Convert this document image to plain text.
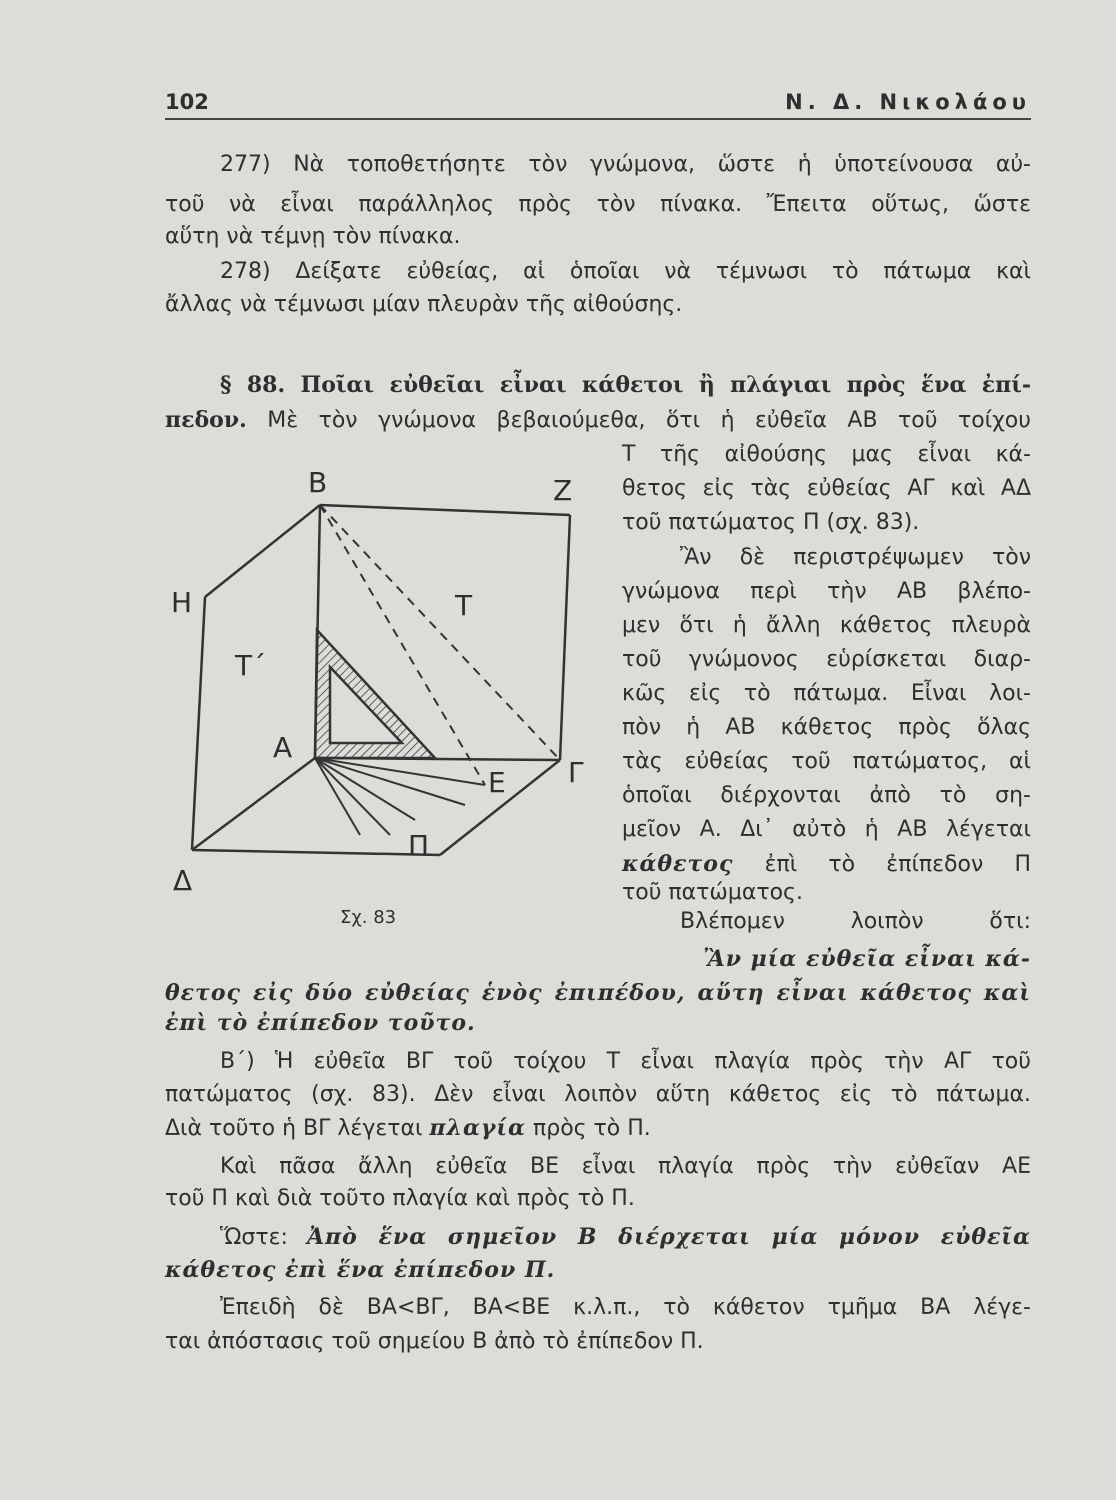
102	Ν. Δ. Νικολάου
277) Νὰ τοποθετήσητε τὸν γνώμονα, ὥστε ἡ ὑποτείνουσα αὐ-
τοῦ νὰ εἶναι παράλληλος πρὸς τὸν πίνακα. Ἔπειτα οὕτως, ὥστε
αὕτη νὰ τέμνῃ τὸν πίνακα.
278) Δείξατε εὐθείας, αἱ ὁποῖαι νὰ τέμνωσι τὸ πάτωμα καὶ
ἄλλας νὰ τέμνωσι μίαν πλευρὰν τῆς αἰθούσης.
§ 88. Ποῖαι εὐθεῖαι εἶναι κάθετοι ἢ πλάγιαι πρὸς ἕνα ἐπί-
πεδον. Μὲ τὸν γνώμονα βεβαιούμεθα, ὅτι ἡ εὐθεῖα ΑΒ τοῦ τοίχου
Τ τῆς αἰθούσης μας εἶναι κά-
θετος εἰς τὰς εὐθείας ΑΓ καὶ ΑΔ
τοῦ πατώματος Π (σχ. 83).
Ἂν δὲ περιστρέψωμεν τὸν
γνώμονα περὶ τὴν ΑΒ βλέπο-
μεν ὅτι ἡ ἄλλη κάθετος πλευρὰ
τοῦ γνώμονος εὑρίσκεται διαρ-
κῶς εἰς τὸ πάτωμα. Εἶναι λοι-
πὸν ἡ ΑΒ κάθετος πρὸς ὅλας
τὰς εὐθείας τοῦ πατώματος, αἱ
ὁποῖαι διέρχονται ἀπὸ τὸ ση-
μεῖον Α. Δι᾽ αὐτὸ ἡ ΑΒ λέγεται
κάθετος ἐπὶ τὸ ἐπίπεδον Π
τοῦ πατώματος.
Βλέπομεν λοιπὸν ὅτι:
Ἂν μία εὐθεῖα εἶναι κά-
θετος εἰς δύο εὐθείας ἑνὸς ἐπιπέδου, αὕτη εἶναι κάθετος καὶ
ἐπὶ τὸ ἐπίπεδον τοῦτο.
Β΄) Ἡ εὐθεῖα ΒΓ τοῦ τοίχου Τ εἶναι πλαγία πρὸς τὴν ΑΓ τοῦ
πατώματος (σχ. 83). Δὲν εἶναι λοιπὸν αὕτη κάθετος εἰς τὸ πάτωμα.
Διὰ τοῦτο ἡ ΒΓ λέγεται πλαγία πρὸς τὸ Π.
Καὶ πᾶσα ἄλλη εὐθεῖα ΒΕ εἶναι πλαγία πρὸς τὴν εὐθεῖαν ΑΕ
τοῦ Π καὶ διὰ τοῦτο πλαγία καὶ πρὸς τὸ Π.
Ὥστε: Ἀπὸ ἕνα σημεῖον Β διέρχεται μία μόνον εὐθεῖα
κάθετος ἐπὶ ἕνα ἐπίπεδον Π.
Ἐπειδὴ δὲ ΒΑ<ΒΓ, ΒΑ<ΒΕ κ.λ.π., τὸ κάθετον τμῆμα ΒΑ λέγε-
ται ἀπόστασις τοῦ σημείου Β ἀπὸ τὸ ἐπίπεδον Π.
Β	Ζ
Η	Τ
Τ΄
Α
Γ
Ε
Π
Δ
Σχ. 83
